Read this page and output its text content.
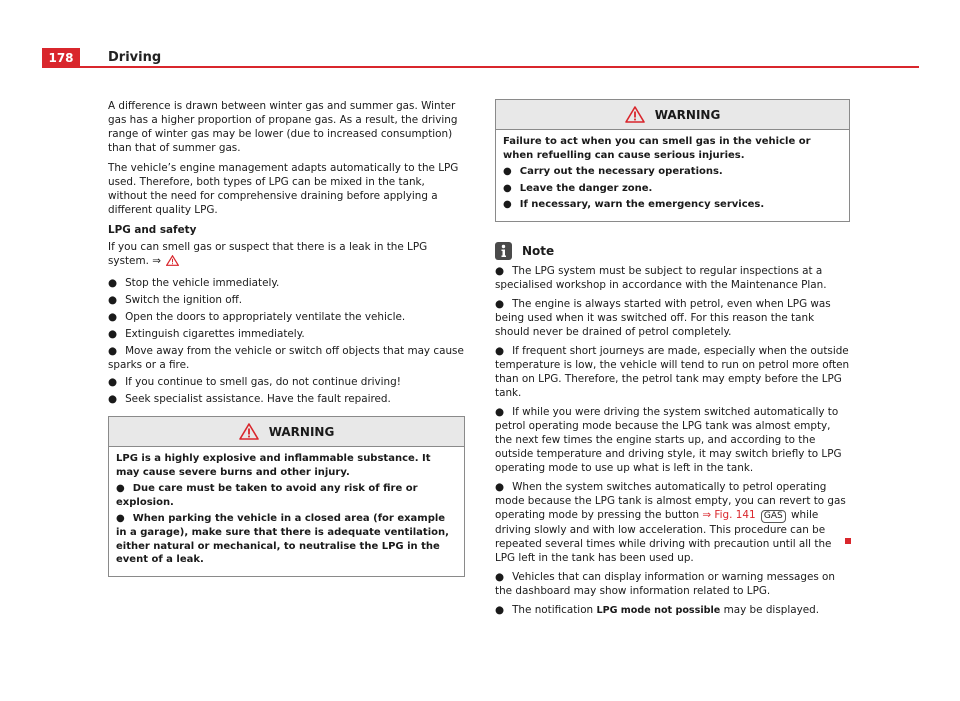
178	Driving

A difference is drawn between winter gas and summer gas. Winter gas has a higher proportion of propane gas. As a result, the driving range of winter gas may be lower (due to increased consumption) than that of summer gas.

The vehicle’s engine management adapts automatically to the LPG used. Therefore, both types of LPG can be mixed in the tank, without the need for comprehensive draining before applying a different quality LPG.

LPG and safety

If you can smell gas or suspect that there is a leak in the LPG system. ⇒

● Stop the vehicle immediately.
● Switch the ignition off.
● Open the doors to appropriately ventilate the vehicle.
● Extinguish cigarettes immediately.
● Move away from the vehicle or switch off objects that may cause sparks or a fire.
● If you continue to smell gas, do not continue driving!
● Seek specialist assistance. Have the fault repaired.
WARNING

LPG is a highly explosive and inflammable substance. It may cause severe burns and other injury.

● Due care must be taken to avoid any risk of fire or explosion.

● When parking the vehicle in a closed area (for example in a garage), make sure that there is adequate ventilation, either natural or mechanical, to neutralise the LPG in the event of a leak.

WARNING

Failure to act when you can smell gas in the vehicle or when refuelling can cause serious injuries.

● Carry out the necessary operations.

● Leave the danger zone.

● If necessary, warn the emergency services.

Note

● The LPG system must be subject to regular inspections at a specialised workshop in accordance with the Maintenance Plan.

● The engine is always started with petrol, even when LPG was being used when it was switched off. For this reason the tank should never be drained of petrol completely.

● If frequent short journeys are made, especially when the outside temperature is low, the vehicle will tend to run on petrol more often than on LPG. Therefore, the petrol tank may empty before the LPG tank.

● If while you were driving the system switched automatically to petrol operating mode because the LPG tank was almost empty, the next few times the engine starts up, and according to the outside temperature and driving style, it may switch briefly to LPG operating mode to use up what is left in the tank.

● When the system switches automatically to petrol operating mode because the LPG tank is almost empty, you can revert to gas operating mode by pressing the button ⇒ Fig. 141 GAS while driving slowly and with low acceleration. This procedure can be repeated several times while driving with precaution until all the LPG left in the tank has been used up.

● Vehicles that can display information or warning messages on the dashboard may show information related to LPG.

● The notification LPG mode not possible may be displayed.
